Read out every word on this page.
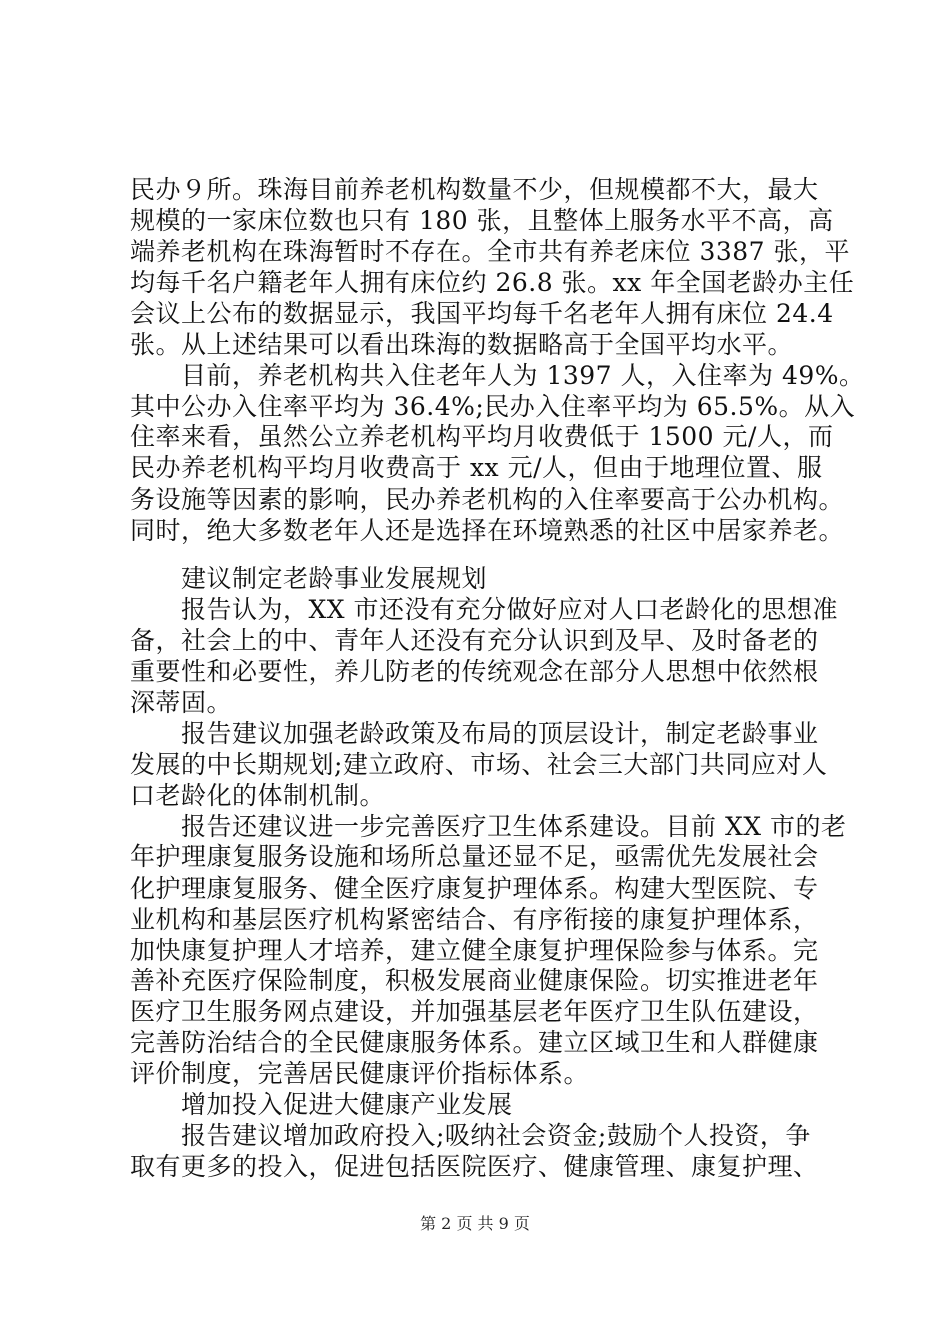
民办９所。珠海目前养老机构数量不少，但规模都不大，最大
规模的一家床位数也只有 180 张，且整体上服务水平不高，高
端养老机构在珠海暂时不存在。全市共有养老床位 3387 张，平
均每千名户籍老年人拥有床位约 26.8 张。xx 年全国老龄办主任
会议上公布的数据显示，我国平均每千名老年人拥有床位 24.4
张。从上述结果可以看出珠海的数据略高于全国平均水平。
　　目前，养老机构共入住老年人为 1397 人，入住率为 49%。
其中公办入住率平均为 36.4%;民办入住率平均为 65.5%。从入
住率来看，虽然公立养老机构平均月收费低于 1500 元/人，而
民办养老机构平均月收费高于 xx 元/人，但由于地理位置、服
务设施等因素的影响，民办养老机构的入住率要高于公办机构。
同时，绝大多数老年人还是选择在环境熟悉的社区中居家养老。
　　建议制定老龄事业发展规划
　　报告认为，XX 市还没有充分做好应对人口老龄化的思想准
备，社会上的中、青年人还没有充分认识到及早、及时备老的
重要性和必要性，养儿防老的传统观念在部分人思想中依然根
深蒂固。
　　报告建议加强老龄政策及布局的顶层设计，制定老龄事业
发展的中长期规划;建立政府、市场、社会三大部门共同应对人
口老龄化的体制机制。
　　报告还建议进一步完善医疗卫生体系建设。目前 XX 市的老
年护理康复服务设施和场所总量还显不足，亟需优先发展社会
化护理康复服务、健全医疗康复护理体系。构建大型医院、专
业机构和基层医疗机构紧密结合、有序衔接的康复护理体系，
加快康复护理人才培养，建立健全康复护理保险参与体系。完
善补充医疗保险制度，积极发展商业健康保险。切实推进老年
医疗卫生服务网点建设，并加强基层老年医疗卫生队伍建设，
完善防治结合的全民健康服务体系。建立区域卫生和人群健康
评价制度，完善居民健康评价指标体系。
　　增加投入促进大健康产业发展
　　报告建议增加政府投入;吸纳社会资金;鼓励个人投资，争
取有更多的投入，促进包括医院医疗、健康管理、康复护理、
第 2 页 共 9 页
